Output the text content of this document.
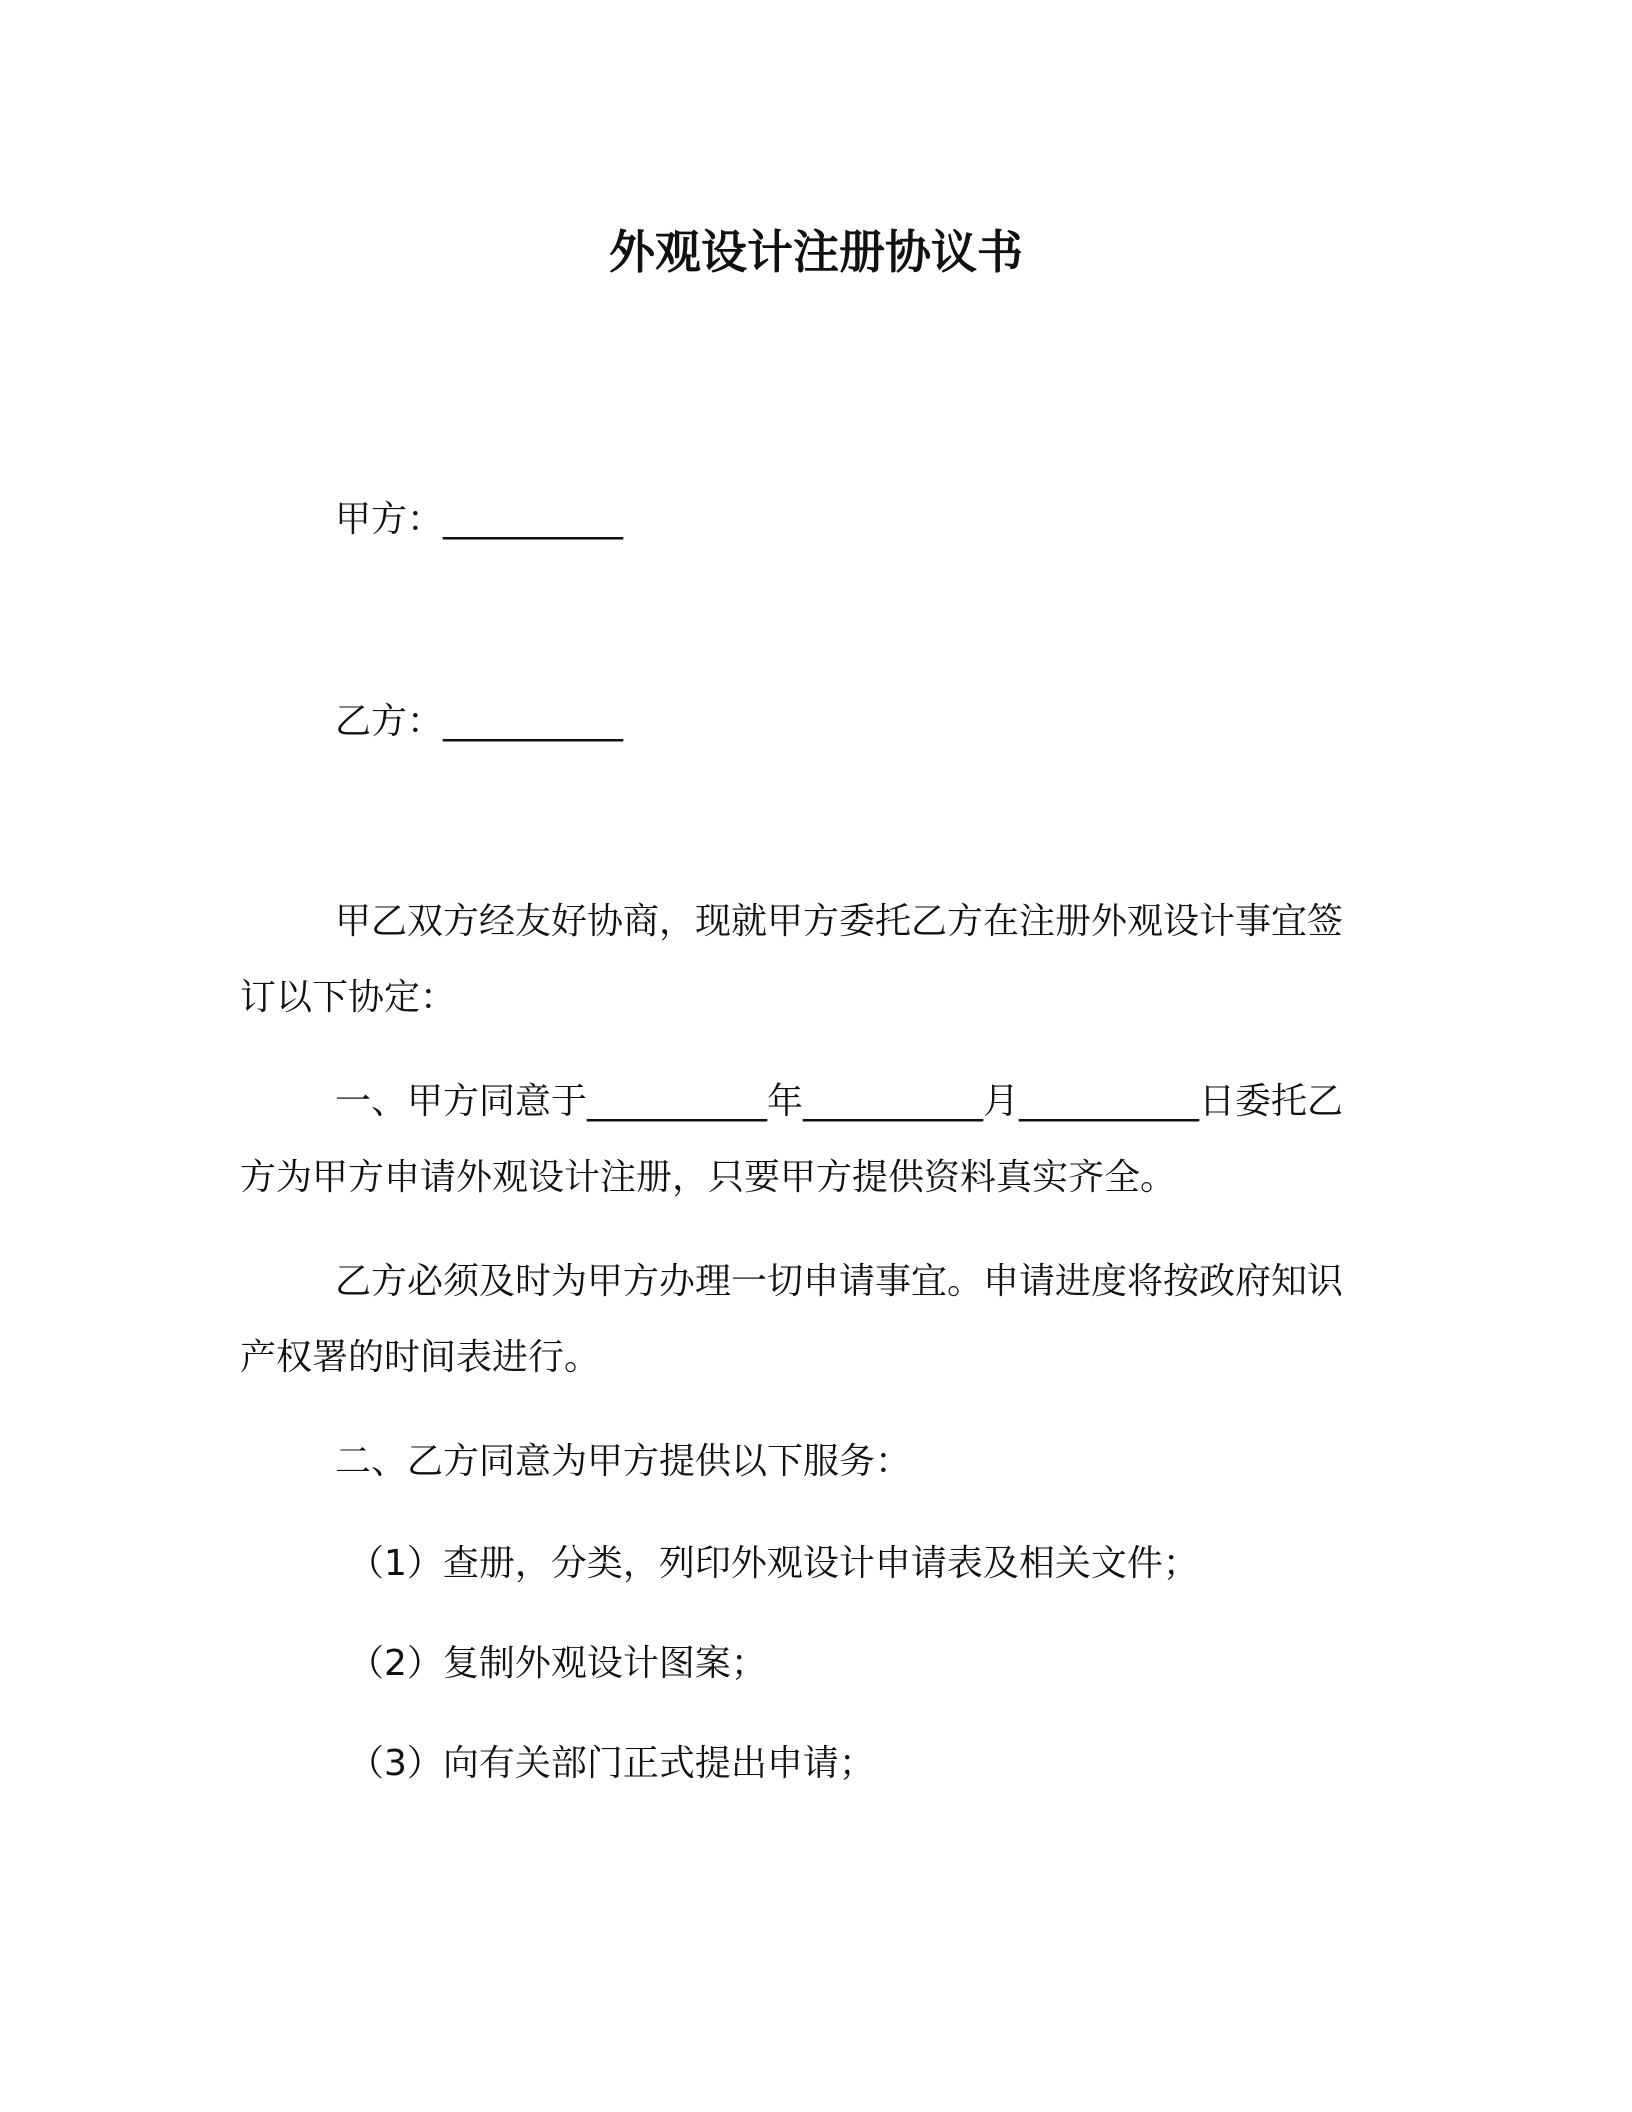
外观设计注册协议书
甲方：__________
乙方：__________
甲乙双方经友好协商，现就甲方委托乙方在注册外观设计事宜签
订以下协定：
一、甲方同意于__________年__________月__________日委托乙
方为甲方申请外观设计注册，只要甲方提供资料真实齐全。
乙方必须及时为甲方办理一切申请事宜。申请进度将按政府知识
产权署的时间表进行。
二、乙方同意为甲方提供以下服务：
（1）查册，分类，列印外观设计申请表及相关文件；
（2）复制外观设计图案；
（3）向有关部门正式提出申请；
